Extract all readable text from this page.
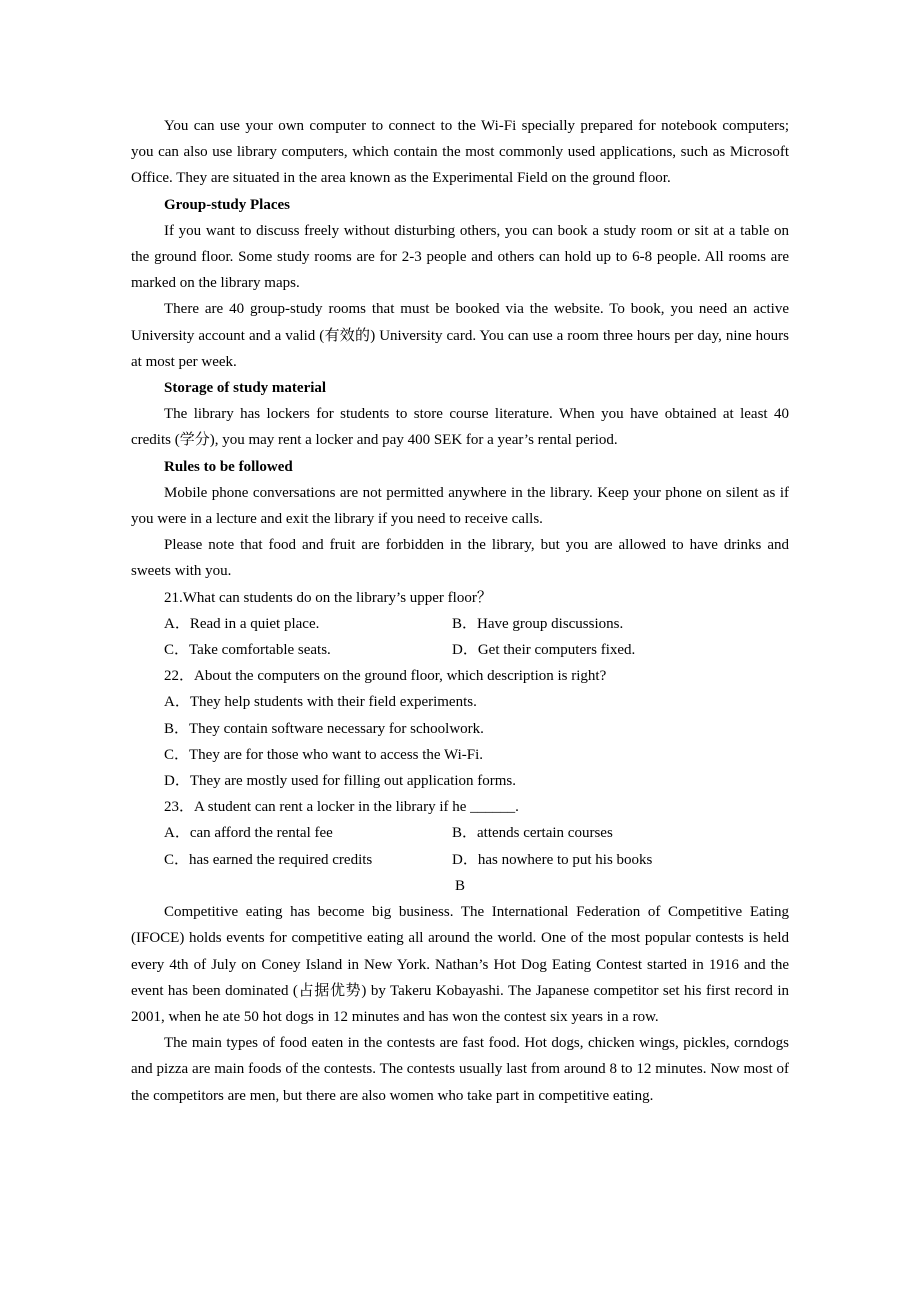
You can use your own computer to connect to the Wi-Fi specially prepared for notebook computers; you can also use library computers, which contain the most commonly used applications, such as Microsoft Office. They are situated in the area known as the Experimental Field on the ground floor.

Group-study Places

If you want to discuss freely without disturbing others, you can book a study room or sit at a table on the ground floor. Some study rooms are for 2-3 people and others can hold up to 6-8 people. All rooms are marked on the library maps.

There are 40 group-study rooms that must be booked via the website. To book, you need an active University account and a valid (有效的) University card. You can use a room three hours per day, nine hours at most per week.

Storage of study material

The library has lockers for students to store course literature. When you have obtained at least 40 credits (学分), you may rent a locker and pay 400 SEK for a year’s rental period.

Rules to be followed

Mobile phone conversations are not permitted anywhere in the library. Keep your phone on silent as if you were in a lecture and exit the library if you need to receive calls.

Please note that food and fruit are forbidden in the library, but you are allowed to have drinks and sweets with you.

21.What can students do on the library’s upper floor？

A．Read in a quiet place.	B．Have group discussions.
C．Take comfortable seats.	D．Get their computers fixed.

22．About the computers on the ground floor, which description is right?

A．They help students with their field experiments.

B．They contain software necessary for schoolwork.

C．They are for those who want to access the Wi-Fi.

D．They are mostly used for filling out application forms.

23．A student can rent a locker in the library if he ______.

A．can afford the rental fee	B．attends certain courses
C．has earned the required credits	D．has nowhere to put his books

B

Competitive eating has become big business. The International Federation of Competitive Eating (IFOCE) holds events for competitive eating all around the world. One of the most popular contests is held every 4th of July on Coney Island in New York. Nathan’s Hot Dog Eating Contest started in 1916 and the event has been dominated (占据优势) by Takeru Kobayashi. The Japanese competitor set his first record in 2001, when he ate 50 hot dogs in 12 minutes and has won the contest six years in a row.

The main types of food eaten in the contests are fast food. Hot dogs, chicken wings, pickles, corndogs and pizza are main foods of the contests. The contests usually last from around 8 to 12 minutes. Now most of the competitors are men, but there are also women who take part in competitive eating.
